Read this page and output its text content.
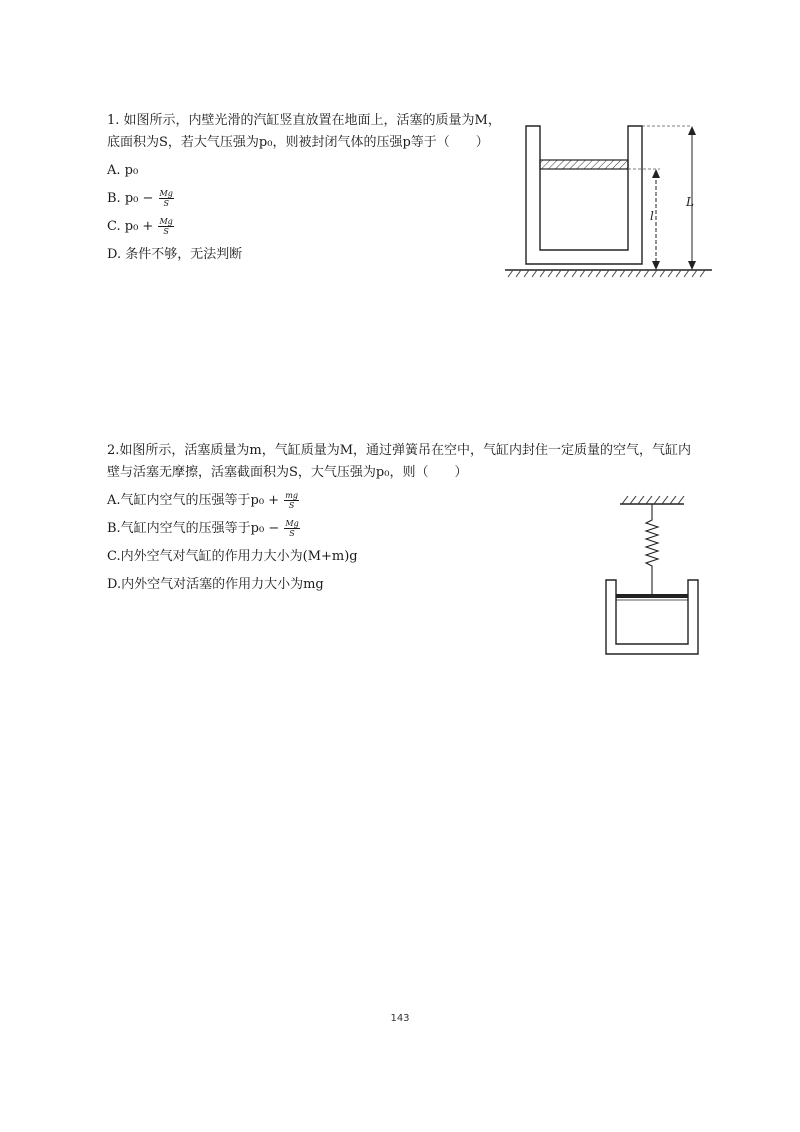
1. 如图所示，内壁光滑的汽缸竖直放置在地面上，活塞的质量为M，底面积为S，若大气压强为p₀，则被封闭气体的压强p等于（　　）

A. p₀

B. $p_0 - \frac{Mg}{S}$

C. $p_0 + \frac{Mg}{S}$

D. 条件不够，无法判断

l
L

2.如图所示，活塞质量为m，气缸质量为M，通过弹簧吊在空中，气缸内封住一定质量的空气，气缸内壁与活塞无摩擦，活塞截面积为S，大气压强为p₀，则（　　）

A.气缸内空气的压强等于$p_0 + \frac{mg}{S}$

B.气缸内空气的压强等于$p_0 - \frac{Mg}{S}$

C.内外空气对气缸的作用力大小为(M+m)g

D.内外空气对活塞的作用力大小为mg

143
